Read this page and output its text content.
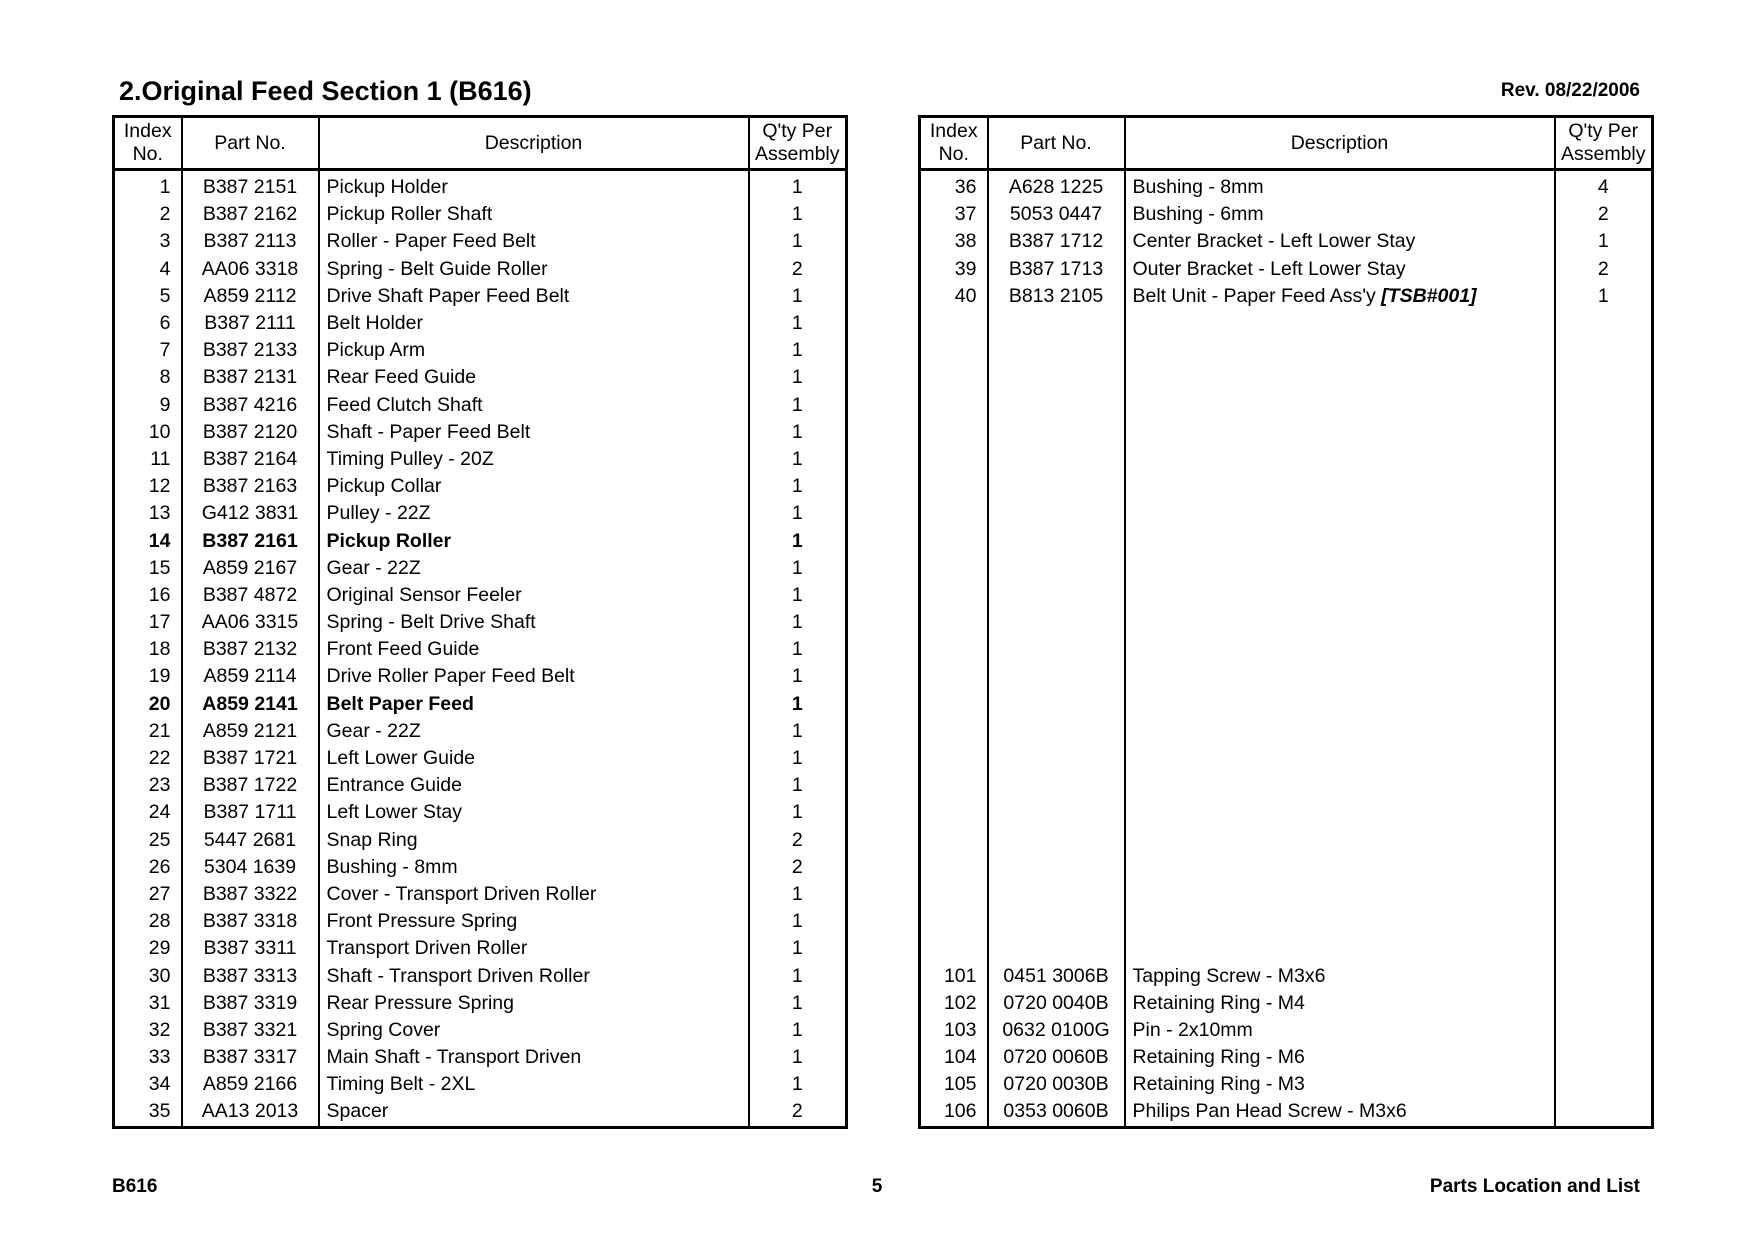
2.Original Feed Section 1 (B616)	Rev. 08/22/2006
Index No.	Part No.	Description	Q'ty Per Assembly
1	B387 2151	Pickup Holder	1
2	B387 2162	Pickup Roller Shaft	1
3	B387 2113	Roller - Paper Feed Belt	1
4	AA06 3318	Spring - Belt Guide Roller	2
5	A859 2112	Drive Shaft Paper Feed Belt	1
6	B387 2111	Belt Holder	1
7	B387 2133	Pickup Arm	1
8	B387 2131	Rear Feed Guide	1
9	B387 4216	Feed Clutch Shaft	1
10	B387 2120	Shaft - Paper Feed Belt	1
11	B387 2164	Timing Pulley - 20Z	1
12	B387 2163	Pickup Collar	1
13	G412 3831	Pulley - 22Z	1
14	B387 2161	Pickup Roller	1
15	A859 2167	Gear - 22Z	1
16	B387 4872	Original Sensor Feeler	1
17	AA06 3315	Spring - Belt Drive Shaft	1
18	B387 2132	Front Feed Guide	1
19	A859 2114	Drive Roller Paper Feed Belt	1
20	A859 2141	Belt Paper Feed	1
21	A859 2121	Gear - 22Z	1
22	B387 1721	Left Lower Guide	1
23	B387 1722	Entrance Guide	1
24	B387 1711	Left Lower Stay	1
25	5447 2681	Snap Ring	2
26	5304 1639	Bushing - 8mm	2
27	B387 3322	Cover - Transport Driven Roller	1
28	B387 3318	Front Pressure Spring	1
29	B387 3311	Transport Driven Roller	1
30	B387 3313	Shaft - Transport Driven Roller	1
31	B387 3319	Rear Pressure Spring	1
32	B387 3321	Spring Cover	1
33	B387 3317	Main Shaft - Transport Driven	1
34	A859 2166	Timing Belt - 2XL	1
35	AA13 2013	Spacer	2
Index No.	Part No.	Description	Q'ty Per Assembly
36	A628 1225	Bushing - 8mm	4
37	5053 0447	Bushing - 6mm	2
38	B387 1712	Center Bracket - Left Lower Stay	1
39	B387 1713	Outer Bracket - Left Lower Stay	2
40	B813 2105	Belt Unit - Paper Feed Ass'y [TSB#001]	1

101	0451 3006B	Tapping Screw - M3x6	
102	0720 0040B	Retaining Ring - M4	
103	0632 0100G	Pin - 2x10mm	
104	0720 0060B	Retaining Ring - M6	
105	0720 0030B	Retaining Ring - M3	
106	0353 0060B	Philips Pan Head Screw - M3x6	
B616	5	Parts Location and List
